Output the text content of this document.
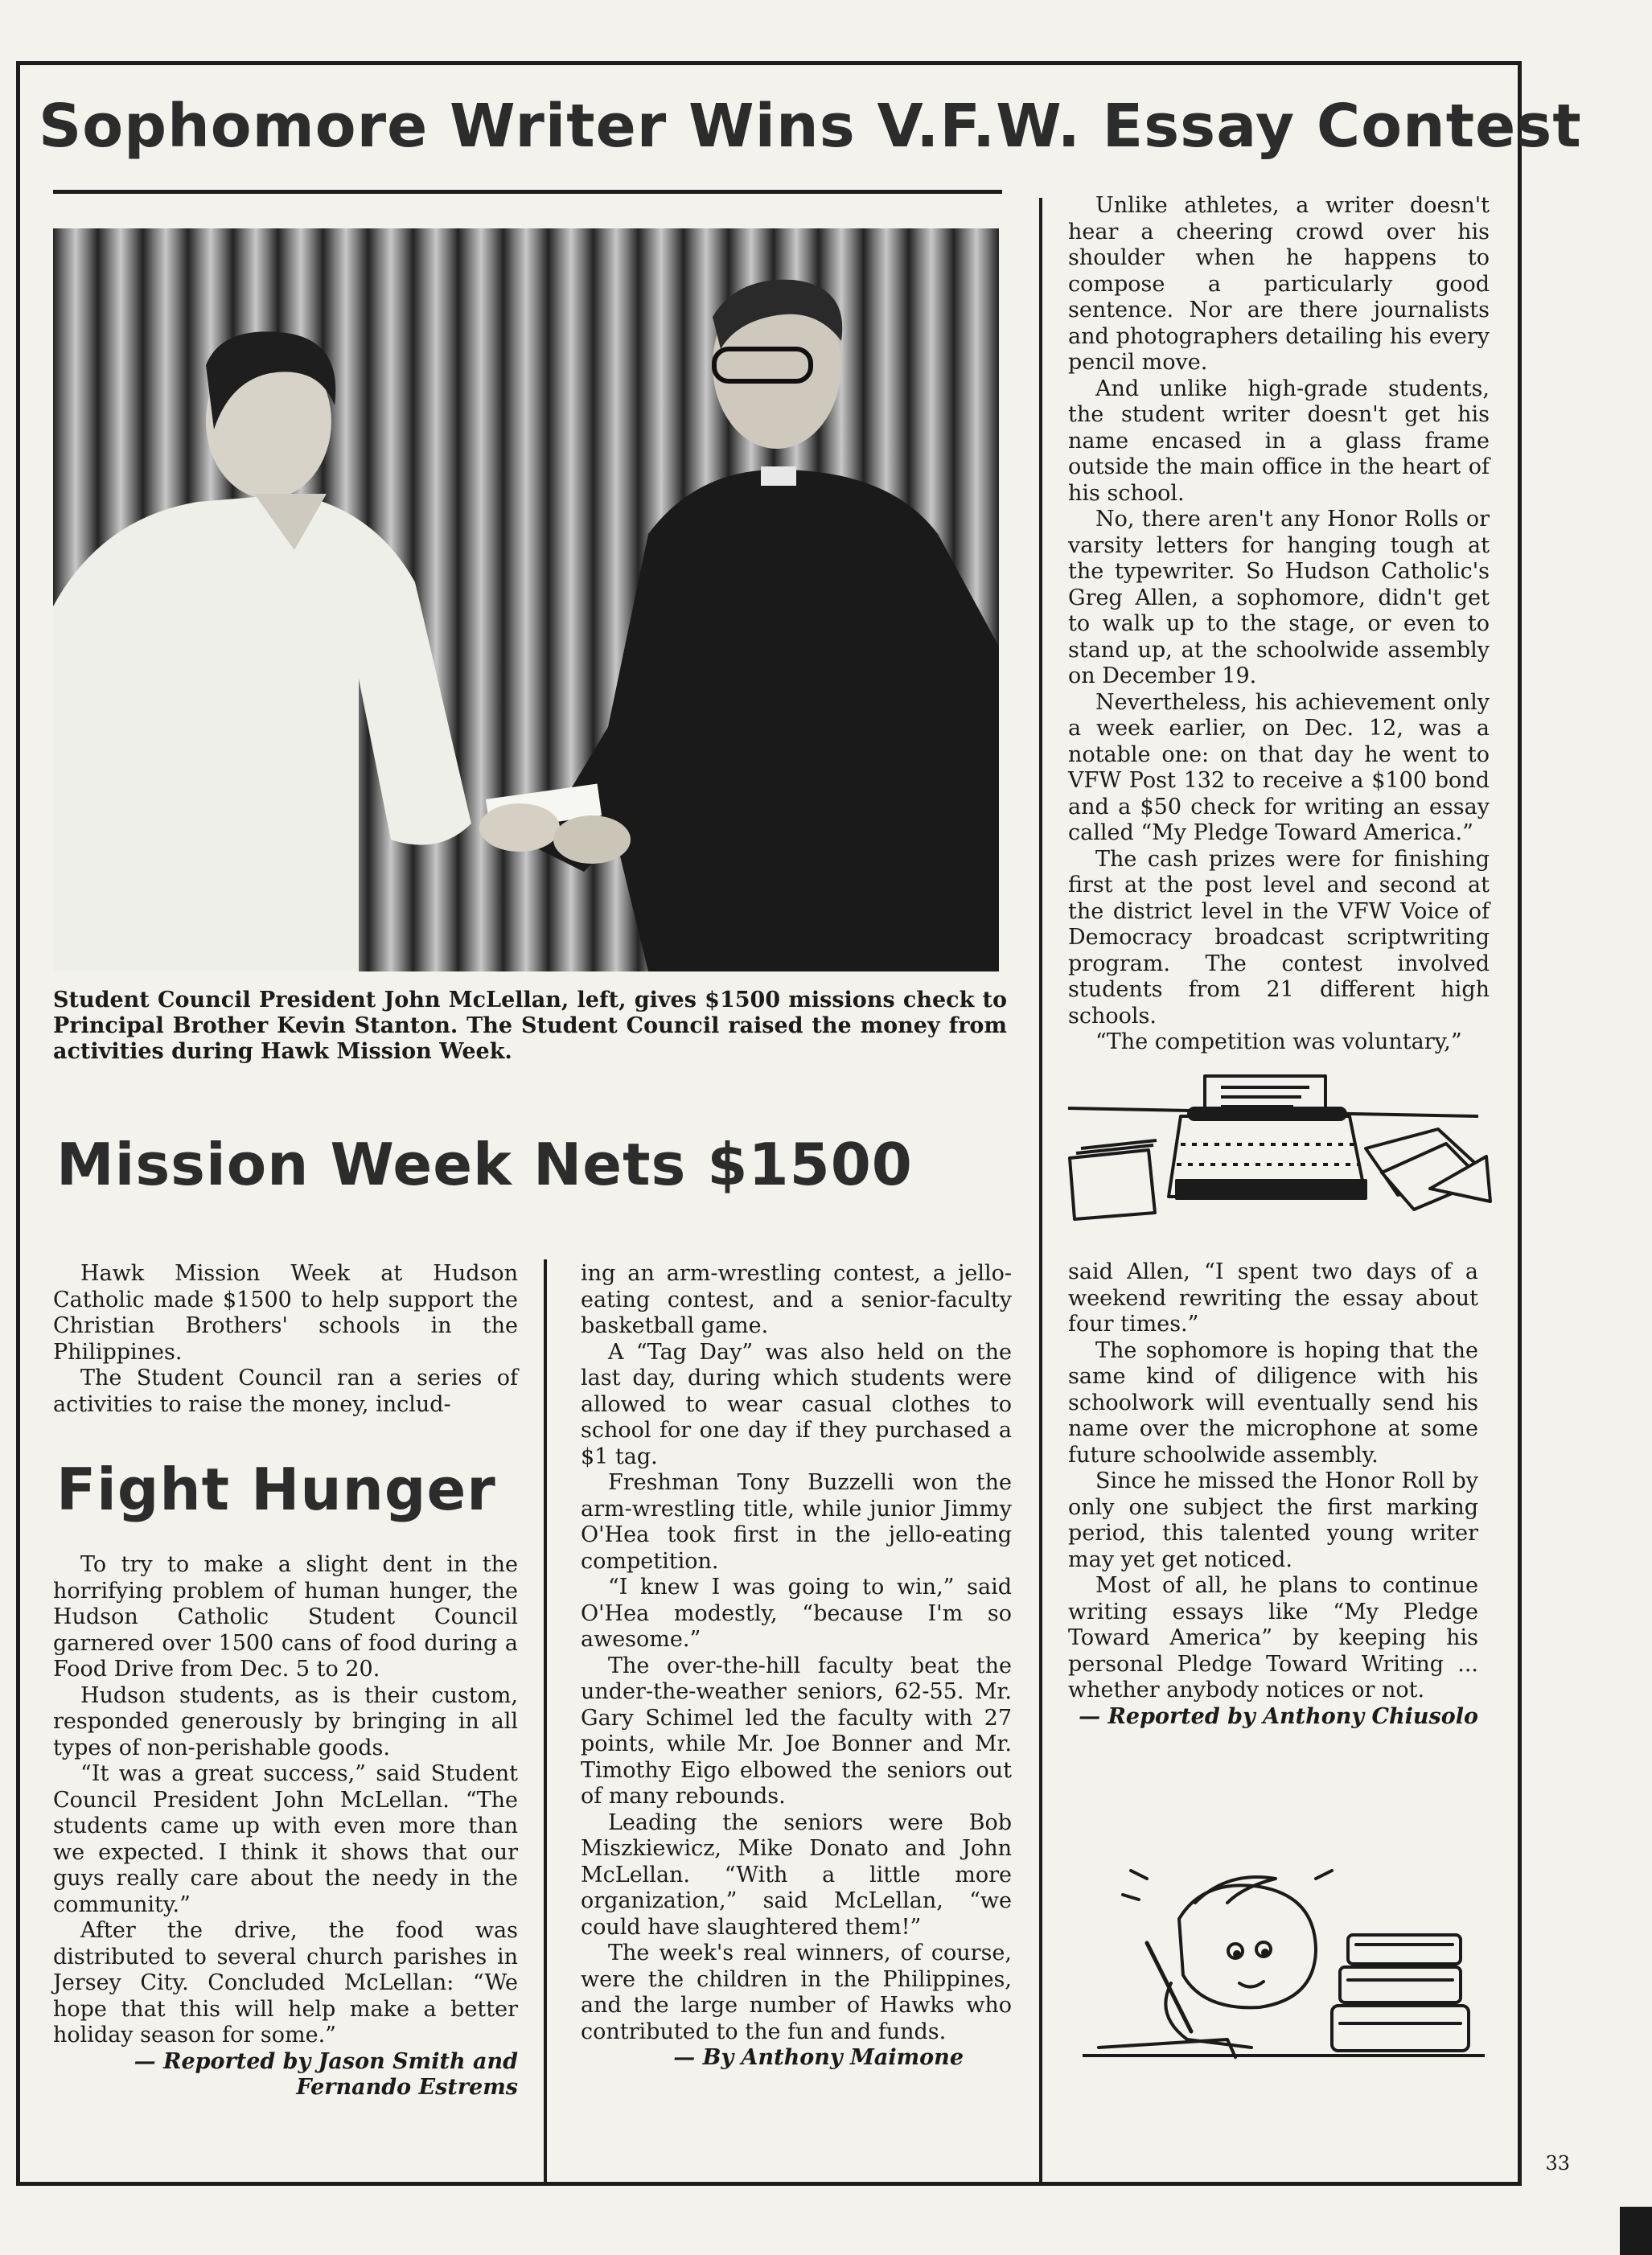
Sophomore Writer Wins V.F.W. Essay Contest

Student Council President John McLellan, left, gives $1500 missions check to Principal Brother Kevin Stanton. The Student Council raised the money from activities during Hawk Mission Week.

Mission Week Nets $1500

Hawk Mission Week at Hudson Catholic made $1500 to help support the Christian Brothers' schools in the Philippines.

The Student Council ran a series of activities to raise the money, includ-

Fight Hunger

To try to make a slight dent in the horrifying problem of human hunger, the Hudson Catholic Student Council garnered over 1500 cans of food during a Food Drive from Dec. 5 to 20.

Hudson students, as is their custom, responded generously by bringing in all types of non-perishable goods.

“It was a great success,” said Student Council President John McLellan. “The students came up with even more than we expected. I think it shows that our guys really care about the needy in the community.”

After the drive, the food was distributed to several church parishes in Jersey City. Concluded McLellan: “We hope that this will help make a better holiday season for some.”

— Reported by Jason Smith and

Fernando Estrems

ing an arm-wrestling contest, a jello-eating contest, and a senior-faculty basketball game.

A “Tag Day” was also held on the last day, during which students were allowed to wear casual clothes to school for one day if they purchased a $1 tag.

Freshman Tony Buzzelli won the arm-wrestling title, while junior Jimmy O'Hea took first in the jello-eating competition.

“I knew I was going to win,” said O'Hea modestly, “because I'm so awesome.”

The over-the-hill faculty beat the under-the-weather seniors, 62-55. Mr. Gary Schimel led the faculty with 27 points, while Mr. Joe Bonner and Mr. Timothy Eigo elbowed the seniors out of many rebounds.

Leading the seniors were Bob Miszkiewicz, Mike Donato and John McLellan. “With a little more organization,” said McLellan, “we could have slaughtered them!”

The week's real winners, of course, were the children in the Philippines, and the large number of Hawks who contributed to the fun and funds.

— By Anthony Maimone

Unlike athletes, a writer doesn't hear a cheering crowd over his shoulder when he happens to compose a particularly good sentence. Nor are there journalists and photographers detailing his every pencil move.

And unlike high-grade students, the student writer doesn't get his name encased in a glass frame outside the main office in the heart of his school.

No, there aren't any Honor Rolls or varsity letters for hanging tough at the typewriter. So Hudson Catholic's Greg Allen, a sophomore, didn't get to walk up to the stage, or even to stand up, at the schoolwide assembly on December 19.

Nevertheless, his achievement only a week earlier, on Dec. 12, was a notable one: on that day he went to VFW Post 132 to receive a $100 bond and a $50 check for writing an essay called “My Pledge Toward America.”

The cash prizes were for finishing first at the post level and second at the district level in the VFW Voice of Democracy broadcast scriptwriting program. The contest involved students from 21 different high schools.

“The competition was voluntary,”

said Allen, “I spent two days of a weekend rewriting the essay about four times.”

The sophomore is hoping that the same kind of diligence with his schoolwork will eventually send his name over the microphone at some future schoolwide assembly.

Since he missed the Honor Roll by only one subject the first marking period, this talented young writer may yet get noticed.

Most of all, he plans to continue writing essays like “My Pledge Toward America” by keeping his personal Pledge Toward Writing ... whether anybody notices or not.

— Reported by Anthony Chiusolo

33
